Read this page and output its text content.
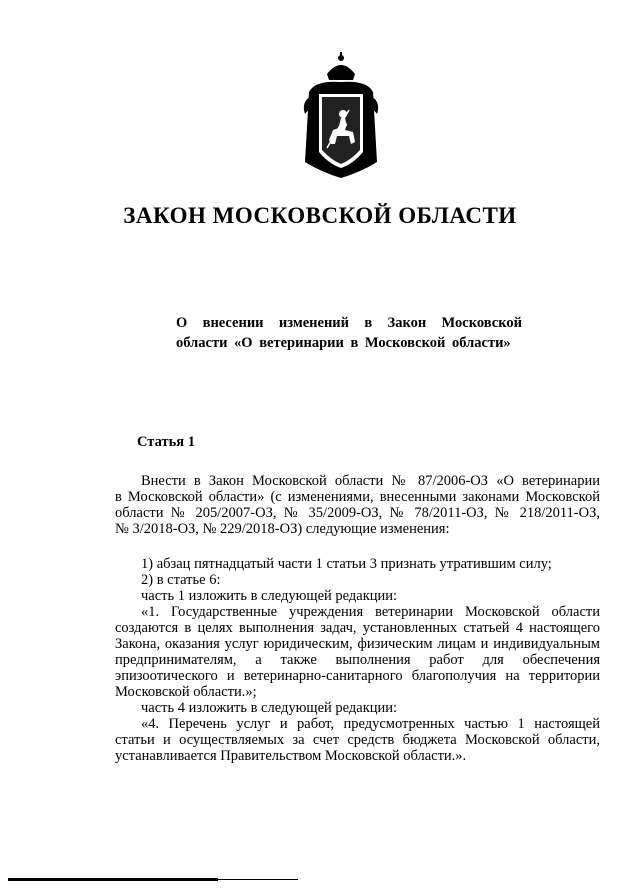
ЗАКОН МОСКОВСКОЙ ОБЛАСТИ
О внесении изменений в Закон Московской
области «О ветеринарии в Московской области»
Статья 1
Внести в Закон Московской области № 87/2006-ОЗ «О ветеринарии
в Московской области» (с изменениями, внесенными законами Московской
области № 205/2007-ОЗ, № 35/2009-ОЗ, № 78/2011-ОЗ, № 218/2011-ОЗ,
№ 3/2018-ОЗ, № 229/2018-ОЗ) следующие изменения:
1) абзац пятнадцатый части 1 статьи 3 признать утратившим силу;
2) в статье 6:
часть 1 изложить в следующей редакции:
«1. Государственные учреждения ветеринарии Московской области
создаются в целях выполнения задач, установленных статьей 4 настоящего
Закона, оказания услуг юридическим, физическим лицам и индивидуальным
предпринимателям, а также выполнения работ для обеспечения
эпизоотического и ветеринарно-санитарного благополучия на территории
Московской области.»;
часть 4 изложить в следующей редакции:
«4. Перечень услуг и работ, предусмотренных частью 1 настоящей
статьи и осуществляемых за счет средств бюджета Московской области,
устанавливается Правительством Московской области.».
